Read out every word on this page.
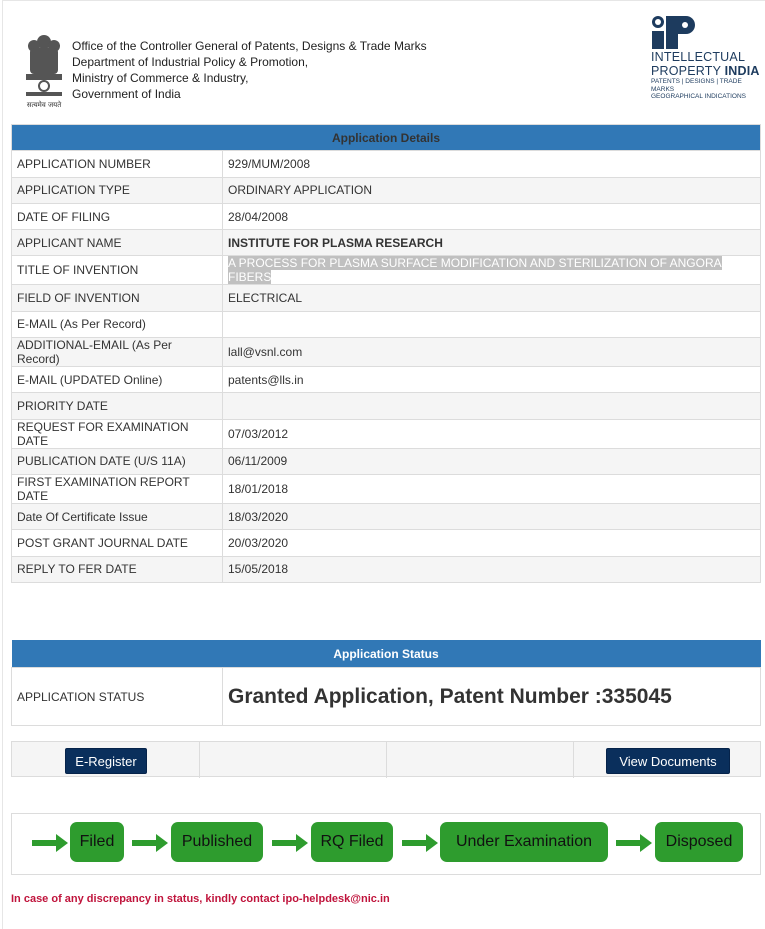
सत्यमेव जयते
Office of the Controller General of Patents, Designs & Trade Marks
Department of Industrial Policy & Promotion,
Ministry of Commerce & Industry,
Government of India
INTELLECTUAL
PROPERTY INDIA
PATENTS | DESIGNS | TRADE MARKS
GEOGRAPHICAL INDICATIONS
Application Details	
APPLICATION NUMBER	929/MUM/2008
APPLICATION TYPE	ORDINARY APPLICATION
DATE OF FILING	28/04/2008
APPLICANT NAME	INSTITUTE FOR PLASMA RESEARCH
TITLE OF INVENTION	A PROCESS FOR PLASMA SURFACE MODIFICATION AND STERILIZATION OF ANGORA FIBERS
FIELD OF INVENTION	ELECTRICAL
E-MAIL (As Per Record)	
ADDITIONAL-EMAIL (As Per Record)	lall@vsnl.com
E-MAIL (UPDATED Online)	patents@lls.in
PRIORITY DATE	
REQUEST FOR EXAMINATION DATE	07/03/2012
PUBLICATION DATE (U/S 11A)	06/11/2009
FIRST EXAMINATION REPORT DATE	18/01/2018
Date Of Certificate Issue	18/03/2020
POST GRANT JOURNAL DATE	20/03/2020
REPLY TO FER DATE	15/05/2018
Application Status
APPLICATION STATUS	Granted Application, Patent Number :335045
E-Register	View Documents
Filed	Published	RQ Filed	Under Examination	Disposed
In case of any discrepancy in status, kindly contact ipo-helpdesk@nic.in
